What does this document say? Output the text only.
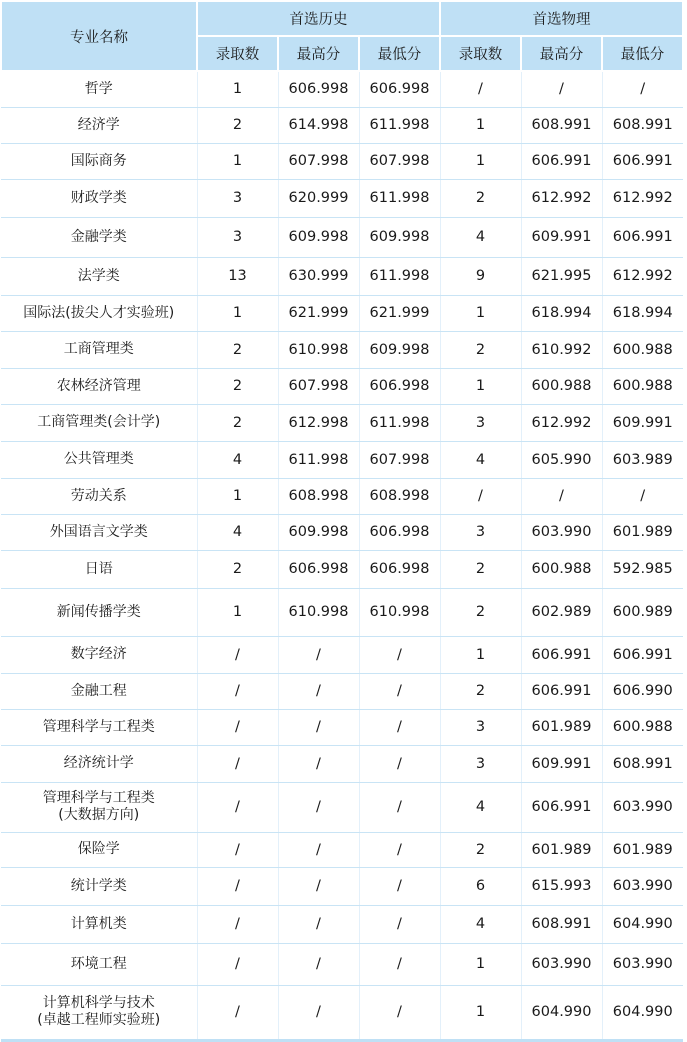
专业名称	首选历史			首选物理		
	录取数	最高分	最低分	录取数	最高分	最低分

哲学	1	606.998	606.998	/	/	/

经济学	2	614.998	611.998	1	608.991	608.991

国际商务	1	607.998	607.998	1	606.991	606.991

财政学类	3	620.999	611.998	2	612.992	612.992

金融学类	3	609.998	609.998	4	609.991	606.991

法学类	13	630.999	611.998	9	621.995	612.992

国际法(拔尖人才实验班)	1	621.999	621.999	1	618.994	618.994

工商管理类	2	610.998	609.998	2	610.992	600.988

农林经济管理	2	607.998	606.998	1	600.988	600.988

工商管理类(会计学)	2	612.998	611.998	3	612.992	609.991

公共管理类	4	611.998	607.998	4	605.990	603.989

劳动关系	1	608.998	608.998	/	/	/

外国语言文学类	4	609.998	606.998	3	603.990	601.989

日语	2	606.998	606.998	2	600.988	592.985

新闻传播学类	1	610.998	610.998	2	602.989	600.989

数字经济	/	/	/	1	606.991	606.991

金融工程	/	/	/	2	606.991	606.990

管理科学与工程类	/	/	/	3	601.989	600.988

经济统计学	/	/	/	3	609.991	608.991

管理科学与工程类
(大数据方向)	/	/	/	4	606.991	603.990

保险学	/	/	/	2	601.989	601.989

统计学类	/	/	/	6	615.993	603.990

计算机类	/	/	/	4	608.991	604.990

环境工程	/	/	/	1	603.990	603.990

计算机科学与技术
(卓越工程师实验班)	/	/	/	1	604.990	604.990
